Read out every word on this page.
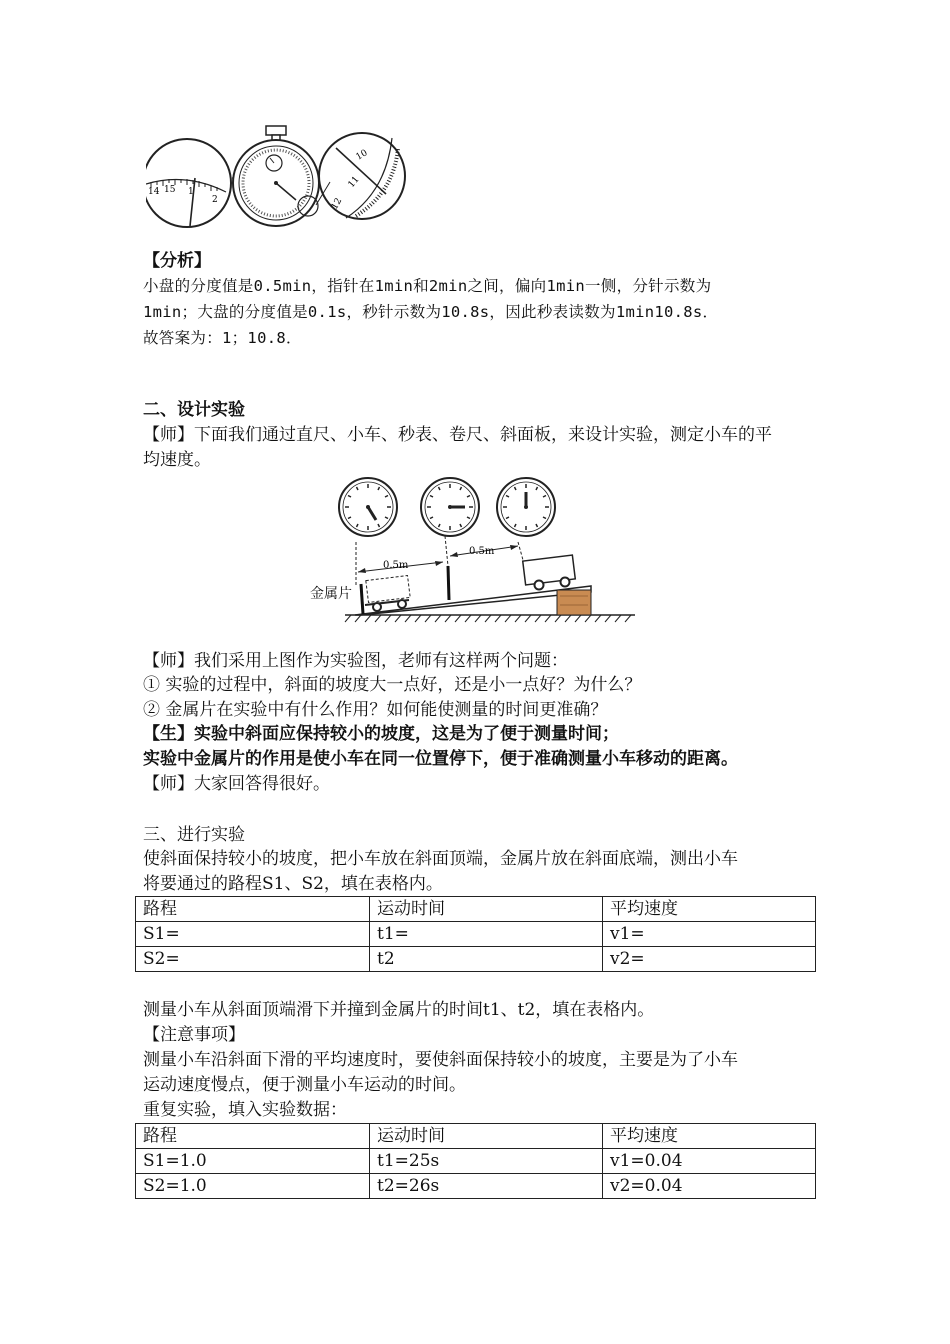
14 15 1
2
10
11
12
【分析】
小盘的分度值是0.5min，指针在1min和2min之间，偏向1min一侧，分针示数为
1min；大盘的分度值是0.1s，秒针示数为10.8s，因此秒表读数为1min10.8s．
故答案为：1；10.8．
二、设计实验
【师】下面我们通过直尺、小车、秒表、卷尺、斜面板，来设计实验，测定小车的平
均速度。
0.5m
0.5m
金属片
【师】我们采用上图作为实验图，老师有这样两个问题：
① 实验的过程中，斜面的坡度大一点好，还是小一点好？为什么？
② 金属片在实验中有什么作用？如何能使测量的时间更准确？
【生】实验中斜面应保持较小的坡度，这是为了便于测量时间；
实验中金属片的作用是使小车在同一位置停下，便于准确测量小车移动的距离。
【师】大家回答得很好。
三、进行实验
使斜面保持较小的坡度，把小车放在斜面顶端，金属片放在斜面底端，测出小车
将要通过的路程S1、S2，填在表格内。
路程	运动时间	平均速度
S1=	t1=	v1=
S2=	t2	v2=
测量小车从斜面顶端滑下并撞到金属片的时间t1、t2，填在表格内。
【注意事项】
测量小车沿斜面下滑的平均速度时，要使斜面保持较小的坡度，主要是为了小车
运动速度慢点，便于测量小车运动的时间。
重复实验，填入实验数据：
路程	运动时间	平均速度
S1=1.0	t1=25s	v1=0.04
S2=1.0	t2=26s	v2=0.04
